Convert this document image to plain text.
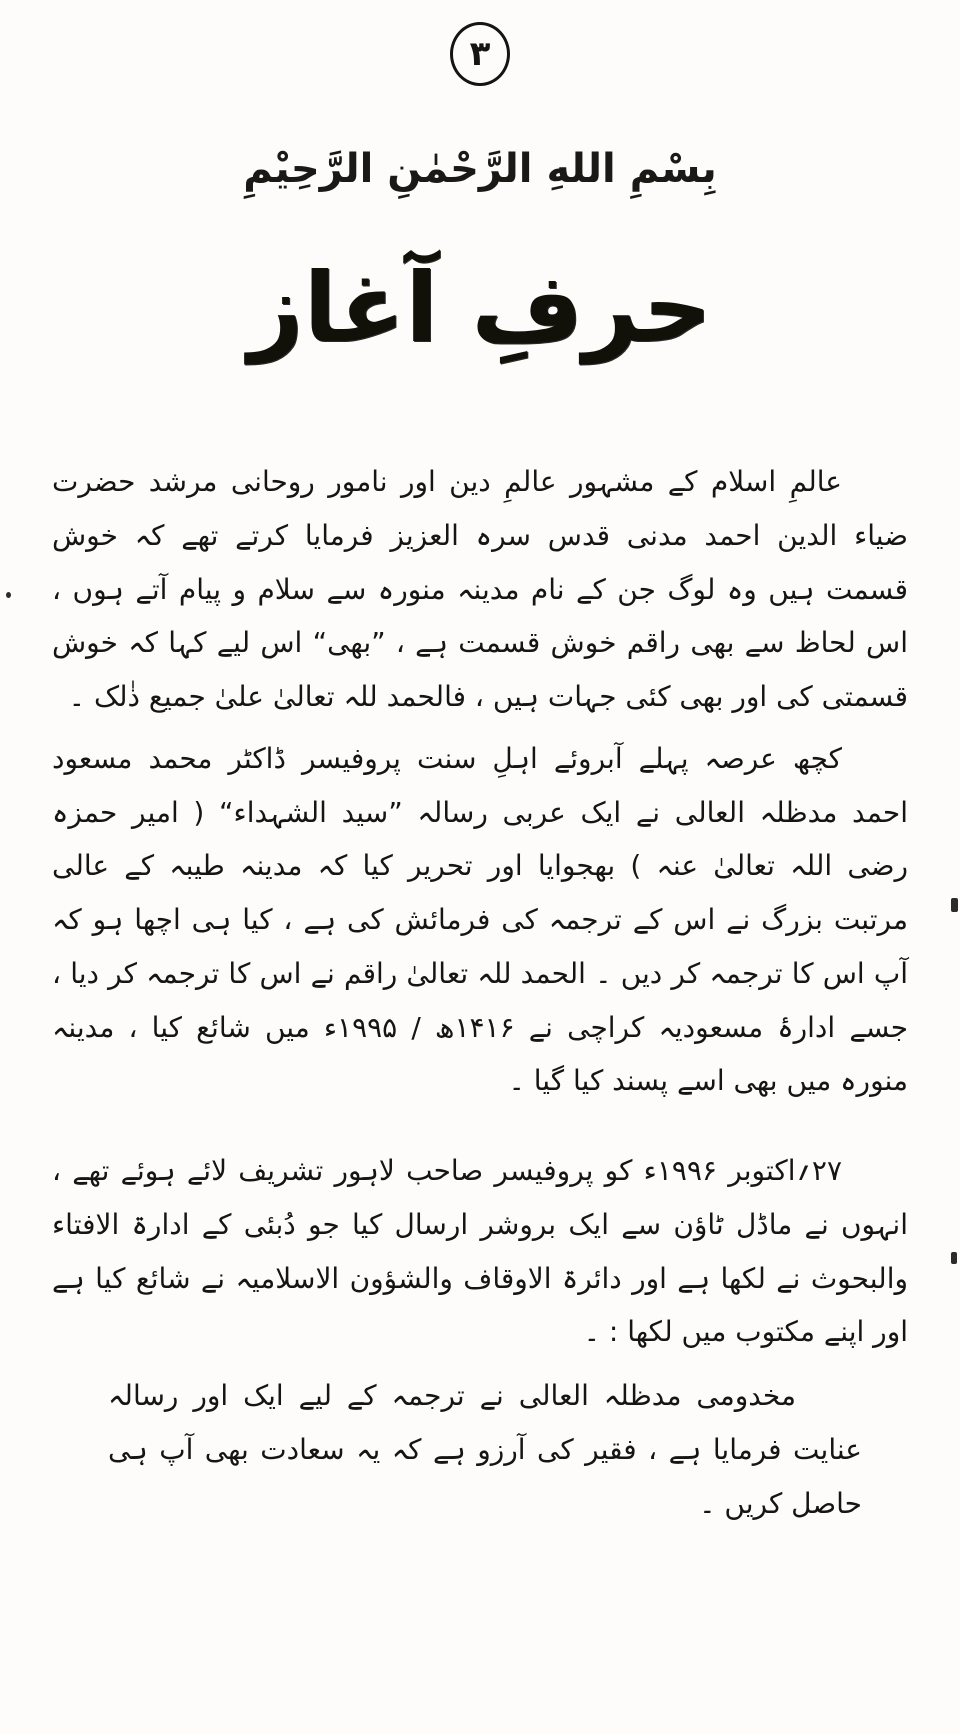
۳
بِسْمِ اللهِ الرَّحْمٰنِ الرَّحِيْمِ
حرفِ آغاز

عالمِ اسلام کے مشہور عالمِ دین اور نامور روحانی مرشد حضرت ضیاء الدین احمد مدنی قدس سرہ العزیز فرمایا کرتے تھے کہ خوش قسمت ہیں وہ لوگ جن کے نام مدینہ منورہ سے سلام و پیام آتے ہوں ، اس لحاظ سے بھی راقم خوش قسمت ہے ، ”بھی“ اس لیے کہا کہ خوش قسمتی کی اور بھی کئی جہات ہیں ، فالحمد للہ تعالیٰ علیٰ جمیع ذٰلک ۔

کچھ عرصہ پہلے آبروئے اہلِ سنت پروفیسر ڈاکٹر محمد مسعود احمد مدظلہ العالی نے ایک عربی رسالہ ”سید الشہداء“ ( امیر حمزہ رضی اللہ تعالیٰ عنہ ) بھجوایا اور تحریر کیا کہ مدینہ طیبہ کے عالی مرتبت بزرگ نے اس کے ترجمہ کی فرمائش کی ہے ، کیا ہی اچھا ہو کہ آپ اس کا ترجمہ کر دیں ۔ الحمد للہ تعالیٰ راقم نے اس کا ترجمہ کر دیا ، جسے ادارۂ مسعودیہ کراچی نے ۱۴۱۶ھ / ۱۹۹۵ء میں شائع کیا ، مدینہ منورہ میں بھی اسے پسند کیا گیا ۔

۲۷؍اکتوبر ۱۹۹۶ء کو پروفیسر صاحب لاہور تشریف لائے ہوئے تھے ، انہوں نے ماڈل ٹاؤن سے ایک بروشر ارسال کیا جو دُبئی کے ادارۃ الافتاء والبحوث نے لکھا ہے اور دائرۃ الاوقاف والشؤون الاسلامیہ نے شائع کیا ہے اور اپنے مکتوب میں لکھا : ۔

مخدومی مدظلہ العالی نے ترجمہ کے لیے ایک اور رسالہ عنایت فرمایا ہے ، فقیر کی آرزو ہے کہ یہ سعادت بھی آپ ہی حاصل کریں ۔
